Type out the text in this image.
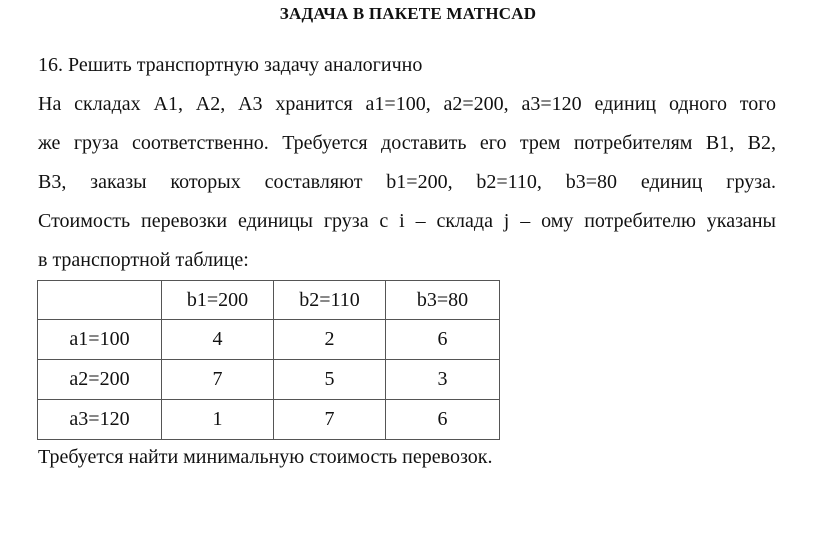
ЗАДАЧА В ПАКЕТЕ MATHCAD
16. Решить транспортную задачу аналогично
На складах А1, А2, А3 хранится а1=100, а2=200, а3=120 единиц одного того
же груза соответственно. Требуется доставить его трем потребителям В1, В2,
В3, заказы которых составляют b1=200, b2=110, b3=80 единиц груза.
Стоимость перевозки единицы груза с i – склада j – ому потребителю указаны
в транспортной таблице:
	b1=200	b2=110	b3=80
a1=100	4	2	6
a2=200	7	5	3
a3=120	1	7	6
Требуется найти минимальную стоимость перевозок.
